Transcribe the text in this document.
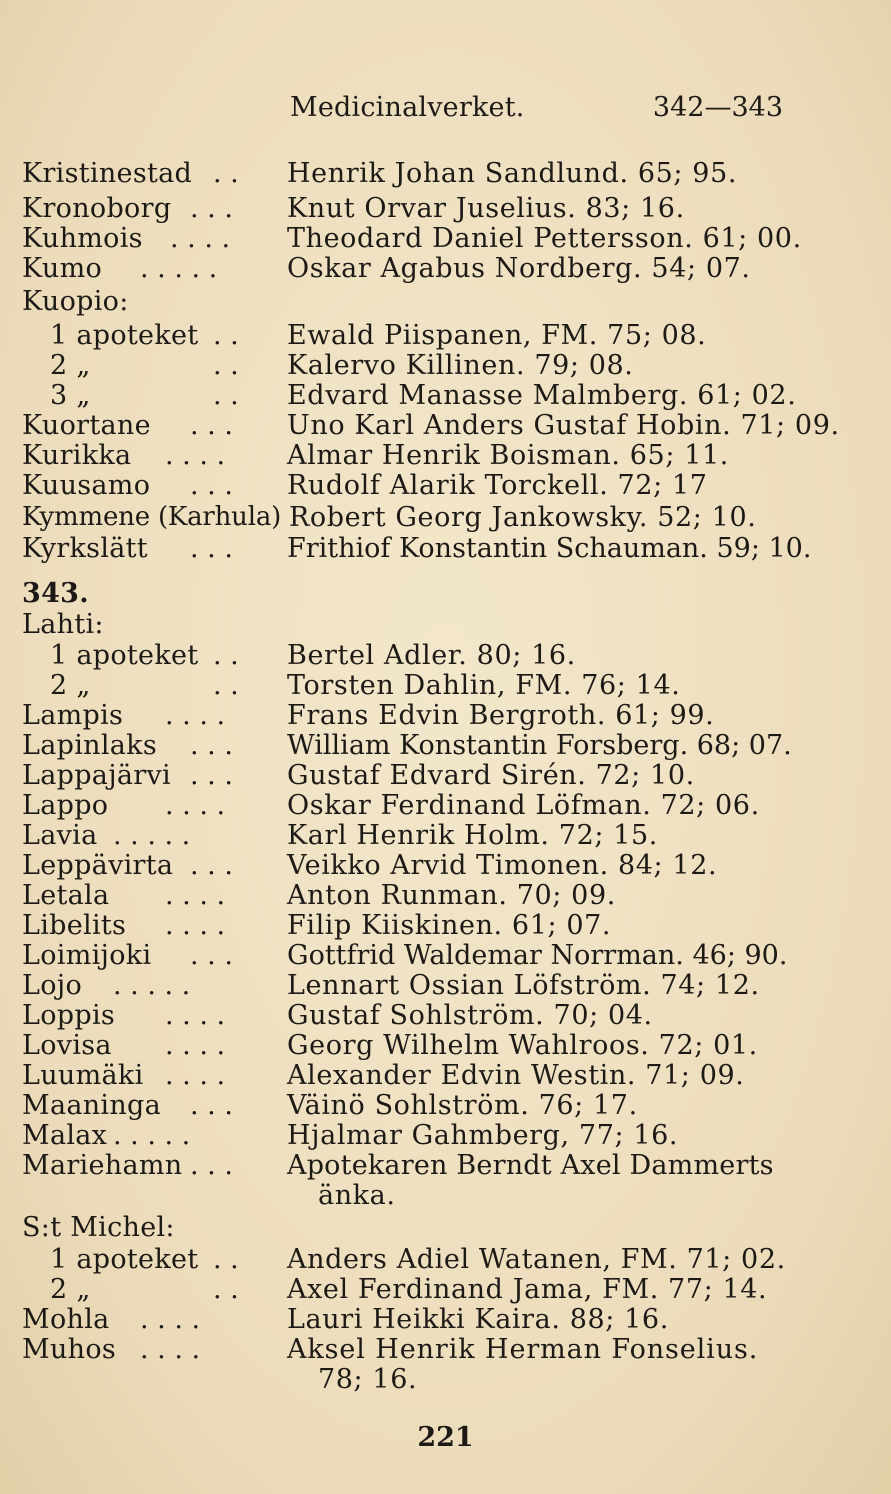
Medicinalverket.	342—343
Kristinestad . . Henrik Johan Sandlund. 65; 95.
Kronoborg . . . Knut Orvar Juselius. 83; 16.
Kuhmois . . . . Theodard Daniel Pettersson. 61; 00.
Kumo . . . . .	Oskar Agabus Nordberg. 54; 07.
Kuopio:
1 apoteket . . Ewald Piispanen, FM. 75; 08.
2 „	. . Kalervo Killinen. 79; 08.
3 „	. . Edvard Manasse Malmberg. 61; 02.
Kuortane . . . Uno Karl Anders Gustaf Hobin. 71; 09.
Kurikka . . . . Almar Henrik Boisman. 65; 11.
Kuusamo . . . Rudolf Alarik Torckell. 72; 17
Kymmene (Karhula) Robert Georg Jankowsky. 52; 10.
Kyrkslätt . . . Frithiof Konstantin Schauman. 59; 10.
343.
Lahti:
1 apoteket . . Bertel Adler. 80; 16.
2 „	. . Torsten Dahlin, FM. 76; 14.
Lampis . . . . Frans Edvin Bergroth. 61; 99.
Lapinlaks . . . William Konstantin Forsberg. 68; 07.
Lappajärvi . . . Gustaf Edvard Sirén. 72; 10.
Lappo . . . . Oskar Ferdinand Löfman. 72; 06.
Lavia . . . . .	Karl Henrik Holm. 72; 15.
Leppävirta . . . Veikko Arvid Timonen. 84; 12.
Letala . . . . Anton Runman. 70; 09.
Libelits . . . . Filip Kiiskinen. 61; 07.
Loimijoki . . . Gottfrid Waldemar Norrman. 46; 90.
Lojo . . . . .	Lennart Ossian Löfström. 74; 12.
Loppis . . . . Gustaf Sohlström. 70; 04.
Lovisa . . . . Georg Wilhelm Wahlroos. 72; 01.
Luumäki . . . . Alexander Edvin Westin. 71; 09.
Maaninga . . . Väinö Sohlström. 76; 17.
Malax . . . . .	Hjalmar Gahmberg, 77; 16.
Mariehamn . . . Apotekaren Berndt Axel Dammerts
änka.
S:t Michel:
1 apoteket . . Anders Adiel Watanen, FM. 71; 02.
2 „	. . Axel Ferdinand Jama, FM. 77; 14.
Mohla . . . .	Lauri Heikki Kaira. 88; 16.
Muhos . . . .	Aksel Henrik Herman Fonselius.
78; 16.
221
